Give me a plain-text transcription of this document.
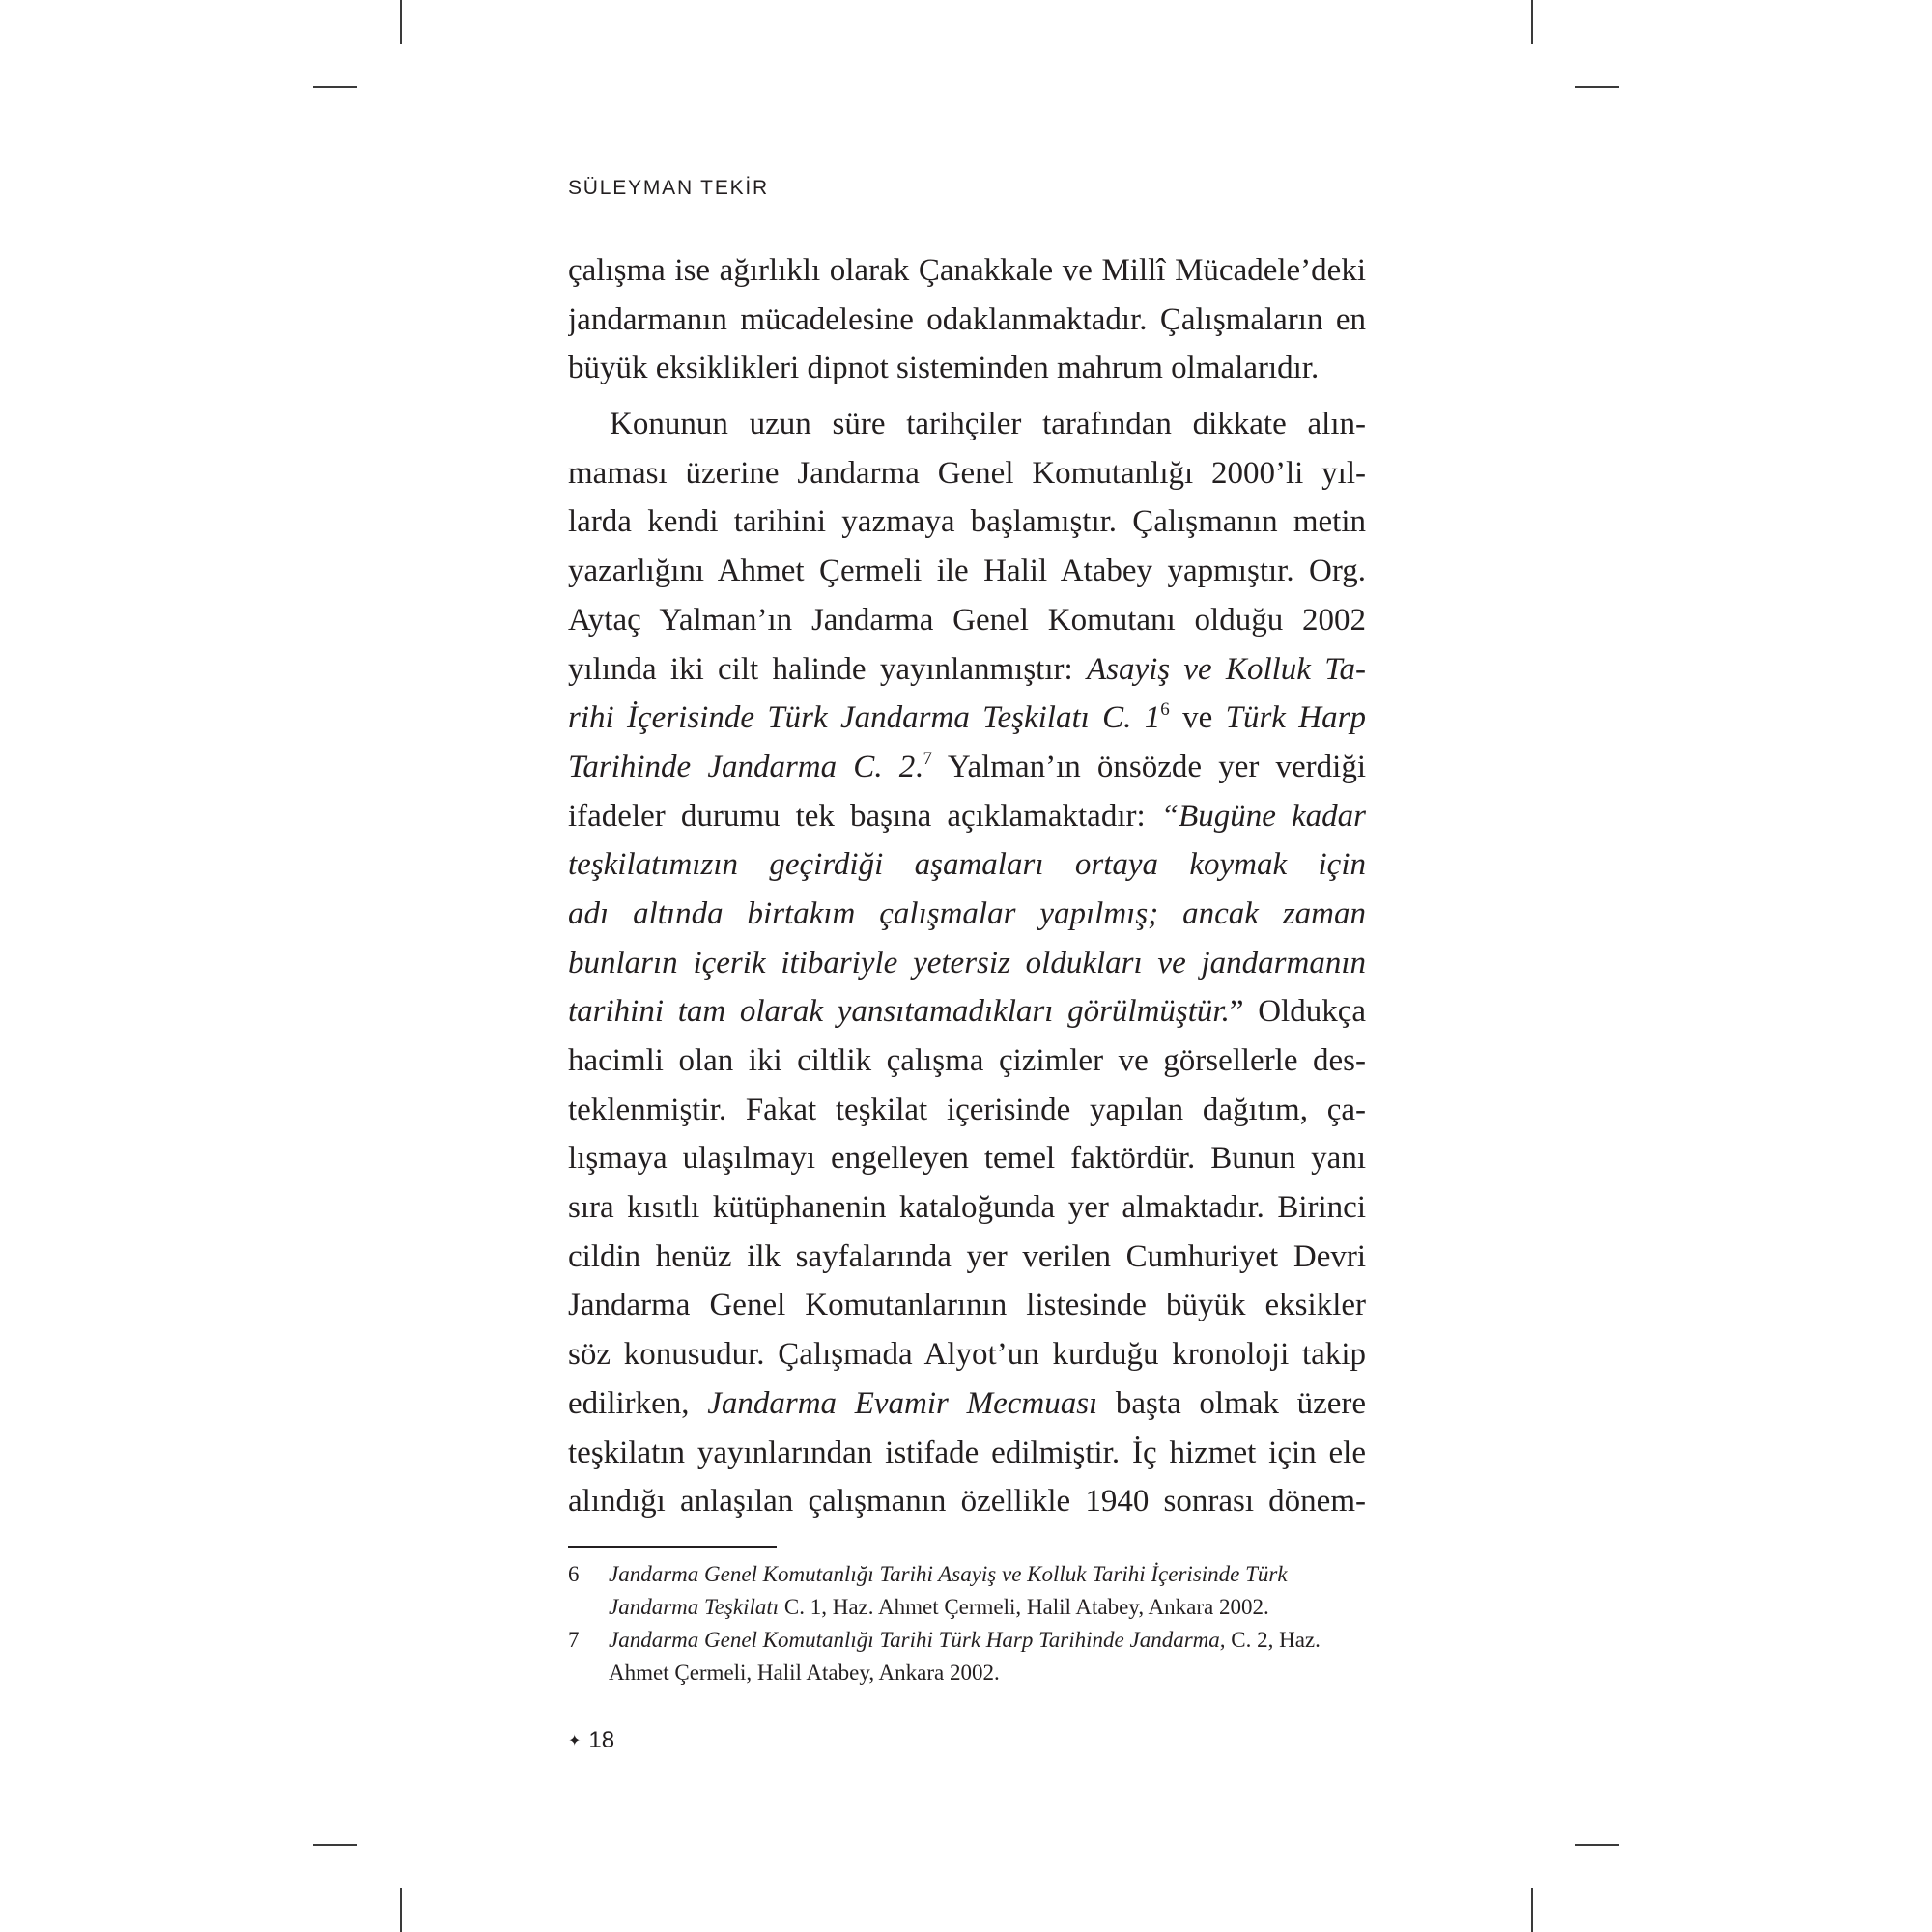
SÜLEYMAN TEKİR
çalışma ise ağırlıklı olarak Çanakkale ve Millî Mücadele’deki
jandarmanın mücadelesine odaklanmaktadır. Çalışmaların en
büyük eksiklikleri dipnot sisteminden mahrum olmalarıdır.
Konunun uzun süre tarihçiler tarafından dikkate alın-
maması üzerine Jandarma Genel Komutanlığı 2000’li yıl-
larda kendi tarihini yazmaya başlamıştır. Çalışmanın metin
yazarlığını Ahmet Çermeli ile Halil Atabey yapmıştır. Org.
Aytaç Yalman’ın Jandarma Genel Komutanı olduğu 2002
yılında iki cilt halinde yayınlanmıştır: Asayiş ve Kolluk Ta-
rihi İçerisinde Türk Jandarma Teşkilatı C. $1^6$ ve Türk Harp
Tarihinde Jandarma C. 2.$^7$ Yalman’ın önsözde yer verdiği
ifadeler durumu tek başına açıklamaktadır: “Bugüne kadar
teşkilatımızın geçirdiği aşamaları ortaya koymak için
adı altında birtakım çalışmalar yapılmış; ancak zaman
bunların içerik itibariyle yetersiz oldukları ve jandarmanın
tarihini tam olarak yansıtamadıkları görülmüştür.” Oldukça
hacimli olan iki ciltlik çalışma çizimler ve görsellerle des-
teklenmiştir. Fakat teşkilat içerisinde yapılan dağıtım, ça-
lışmaya ulaşılmayı engelleyen temel faktördür. Bunun yanı
sıra kısıtlı kütüphanenin kataloğunda yer almaktadır. Birinci
cildin henüz ilk sayfalarında yer verilen Cumhuriyet Devri
Jandarma Genel Komutanlarının listesinde büyük eksikler
söz konusudur. Çalışmada Alyot’un kurduğu kronoloji takip
edilirken, Jandarma Evamir Mecmuası başta olmak üzere
teşkilatın yayınlarından istifade edilmiştir. İç hizmet için ele
alındığı anlaşılan çalışmanın özellikle 1940 sonrası dönem-
6 Jandarma Genel Komutanlığı Tarihi Asayiş ve Kolluk Tarihi İçerisinde Türk
Jandarma Teşkilatı C. 1, Haz. Ahmet Çermeli, Halil Atabey, Ankara 2002.
7 Jandarma Genel Komutanlığı Tarihi Türk Harp Tarihinde Jandarma, C. 2, Haz.
Ahmet Çermeli, Halil Atabey, Ankara 2002.
✦ 18
